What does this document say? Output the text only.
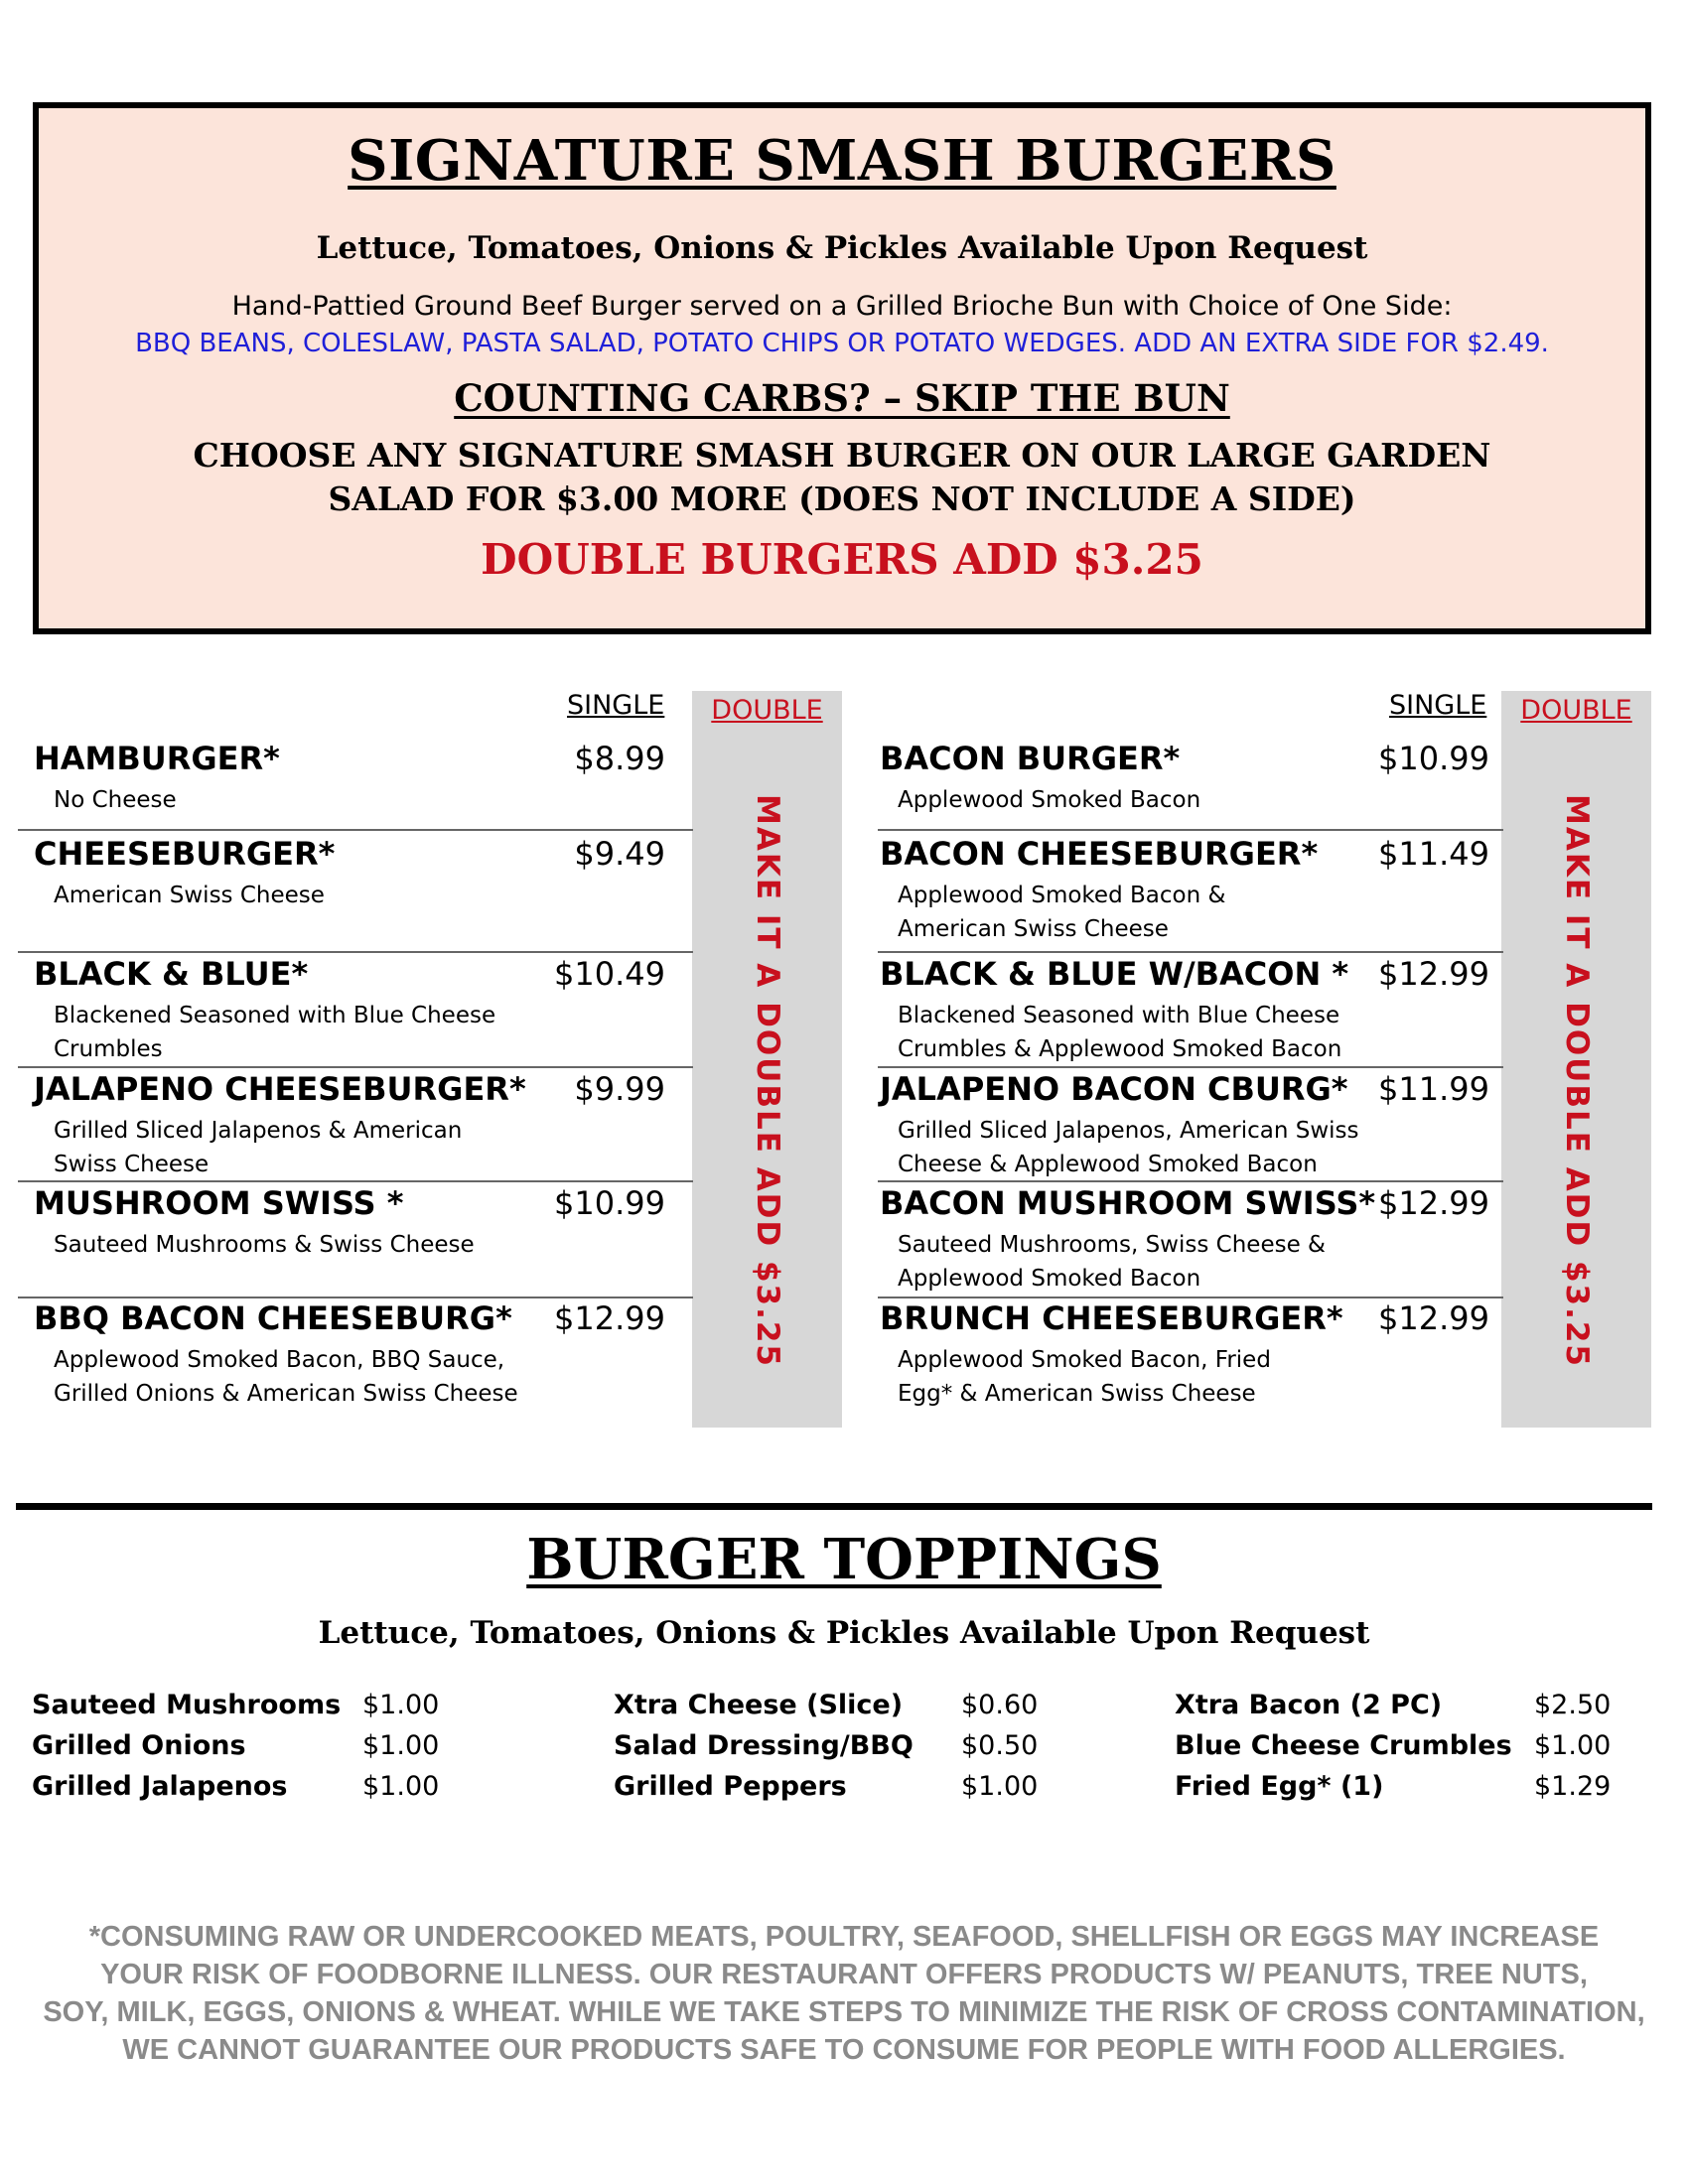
SIGNATURE SMASH BURGERS
Lettuce, Tomatoes, Onions & Pickles Available Upon Request
Hand-Pattied Ground Beef Burger served on a Grilled Brioche Bun with Choice of One Side:
BBQ BEANS, COLESLAW, PASTA SALAD, POTATO CHIPS OR POTATO WEDGES. ADD AN EXTRA SIDE FOR $2.49.
COUNTING CARBS? – SKIP THE BUN
CHOOSE ANY SIGNATURE SMASH BURGER ON OUR LARGE GARDEN
SALAD FOR $3.00 MORE (DOES NOT INCLUDE A SIDE)
DOUBLE BURGERS ADD $3.25
SINGLE	DOUBLE
MAKE IT A DOUBLE ADD $3.25
HAMBURGER*
No Cheese
$8.99
CHEESEBURGER*
American Swiss Cheese
$9.49
BLACK & BLUE*
Blackened Seasoned with Blue Cheese
Crumbles
$10.49
JALAPENO CHEESEBURGER*
Grilled Sliced Jalapenos & American
Swiss Cheese
$9.99
MUSHROOM SWISS *
Sauteed Mushrooms & Swiss Cheese
$10.99
BBQ BACON CHEESEBURG*
Applewood Smoked Bacon, BBQ Sauce,
Grilled Onions & American Swiss Cheese
$12.99
SINGLE	DOUBLE
MAKE IT A DOUBLE ADD $3.25
BACON BURGER*
Applewood Smoked Bacon
$10.99
BACON CHEESEBURGER*
Applewood Smoked Bacon &
American Swiss Cheese
$11.49
BLACK & BLUE W/BACON *
Blackened Seasoned with Blue Cheese
Crumbles & Applewood Smoked Bacon
$12.99
JALAPENO BACON CBURG*
Grilled Sliced Jalapenos, American Swiss
Cheese & Applewood Smoked Bacon
$11.99
BACON MUSHROOM SWISS*
Sauteed Mushrooms, Swiss Cheese &
Applewood Smoked Bacon
$12.99
BRUNCH CHEESEBURGER*
Applewood Smoked Bacon, Fried
Egg* & American Swiss Cheese
$12.99
BURGER TOPPINGS
Lettuce, Tomatoes, Onions & Pickles Available Upon Request
Sauteed Mushrooms $1.00
Grilled Onions	$1.00
Grilled Jalapenos	$1.00
Xtra Cheese (Slice) $0.60
Salad Dressing/BBQ $0.50
Grilled Peppers	$1.00
Xtra Bacon (2 PC)	$2.50
Blue Cheese Crumbles $1.00
Fried Egg* (1)	$1.29
*CONSUMING RAW OR UNDERCOOKED MEATS, POULTRY, SEAFOOD, SHELLFISH OR EGGS MAY INCREASE
YOUR RISK OF FOODBORNE ILLNESS. OUR RESTAURANT OFFERS PRODUCTS W/ PEANUTS, TREE NUTS,
SOY, MILK, EGGS, ONIONS & WHEAT. WHILE WE TAKE STEPS TO MINIMIZE THE RISK OF CROSS CONTAMINATION,
WE CANNOT GUARANTEE OUR PRODUCTS SAFE TO CONSUME FOR PEOPLE WITH FOOD ALLERGIES.
